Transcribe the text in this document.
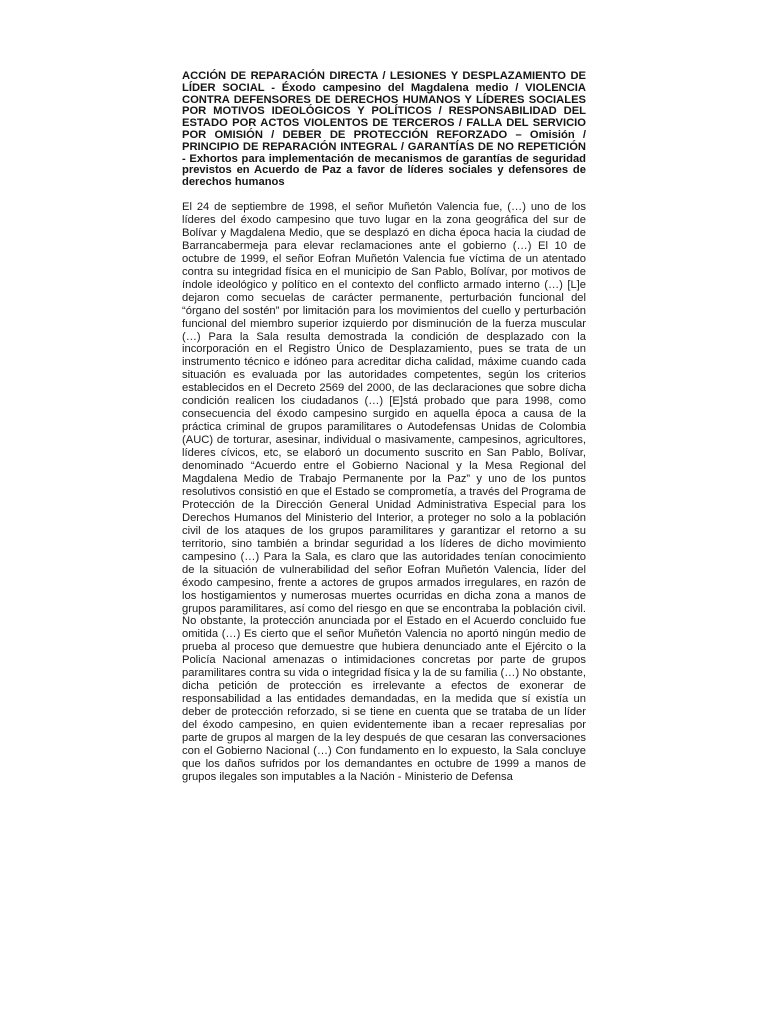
ACCIÓN DE REPARACIÓN DIRECTA / LESIONES Y DESPLAZAMIENTO DE LÍDER SOCIAL - Éxodo campesino del Magdalena medio / VIOLENCIA CONTRA DEFENSORES DE DERECHOS HUMANOS Y LÍDERES SOCIALES POR MOTIVOS IDEOLÓGICOS Y POLÍTICOS / RESPONSABILIDAD DEL ESTADO POR ACTOS VIOLENTOS DE TERCEROS / FALLA DEL SERVICIO POR OMISIÓN / DEBER DE PROTECCIÓN REFORZADO – Omisión / PRINCIPIO DE REPARACIÓN INTEGRAL / GARANTÍAS DE NO REPETICIÓN - Exhortos para implementación de mecanismos de garantías de seguridad previstos en Acuerdo de Paz a favor de líderes sociales y defensores de derechos humanos

El 24 de septiembre de 1998, el señor Muñetón Valencia fue, (…) uno de los líderes del éxodo campesino que tuvo lugar en la zona geográfica del sur de Bolívar y Magdalena Medio, que se desplazó en dicha época hacia la ciudad de Barrancabermeja para elevar reclamaciones ante el gobierno (…) El 10 de octubre de 1999, el señor Eofran Muñetón Valencia fue víctima de un atentado contra su integridad física en el municipio de San Pablo, Bolívar, por motivos de índole ideológico y político en el contexto del conflicto armado interno (…) [L]e dejaron como secuelas de carácter permanente, perturbación funcional del “órgano del sostén” por limitación para los movimientos del cuello y perturbación funcional del miembro superior izquierdo por disminución de la fuerza muscular (…) Para la Sala resulta demostrada la condición de desplazado con la incorporación en el Registro Único de Desplazamiento, pues se trata de un instrumento técnico e idóneo para acreditar dicha calidad, máxime cuando cada situación es evaluada por las autoridades competentes, según los criterios establecidos en el Decreto 2569 del 2000, de las declaraciones que sobre dicha condición realicen los ciudadanos (…) [E]stá probado que para 1998, como consecuencia del éxodo campesino surgido en aquella época a causa de la práctica criminal de grupos paramilitares o Autodefensas Unidas de Colombia (AUC) de torturar, asesinar, individual o masivamente, campesinos, agricultores, líderes cívicos, etc, se elaboró un documento suscrito en San Pablo, Bolívar, denominado “Acuerdo entre el Gobierno Nacional y la Mesa Regional del Magdalena Medio de Trabajo Permanente por la Paz” y uno de los puntos resolutivos consistió en que el Estado se comprometía, a través del Programa de Protección de la Dirección General Unidad Administrativa Especial para los Derechos Humanos del Ministerio del Interior, a proteger no solo a la población civil de los ataques de los grupos paramilitares y garantizar el retorno a su territorio, sino también a brindar seguridad a los líderes de dicho movimiento campesino (…) Para la Sala, es claro que las autoridades tenían conocimiento de la situación de vulnerabilidad del señor Eofran Muñetón Valencia, líder del éxodo campesino, frente a actores de grupos armados irregulares, en razón de los hostigamientos y numerosas muertes ocurridas en dicha zona a manos de grupos paramilitares, así como del riesgo en que se encontraba la población civil. No obstante, la protección anunciada por el Estado en el Acuerdo concluido fue omitida (…) Es cierto que el señor Muñetón Valencia no aportó ningún medio de prueba al proceso que demuestre que hubiera denunciado ante el Ejército o la Policía Nacional amenazas o intimidaciones concretas por parte de grupos paramilitares contra su vida o integridad física y la de su familia (…) No obstante, dicha petición de protección es irrelevante a efectos de exonerar de responsabilidad a las entidades demandadas, en la medida que sí existía un deber de protección reforzado, si se tiene en cuenta que se trataba de un líder del éxodo campesino, en quien evidentemente iban a recaer represalias por parte de grupos al margen de la ley después de que cesaran las conversaciones con el Gobierno Nacional (…) Con fundamento en lo expuesto, la Sala concluye que los daños sufridos por los demandantes en octubre de 1999 a manos de grupos ilegales son imputables a la Nación - Ministerio de Defensa
